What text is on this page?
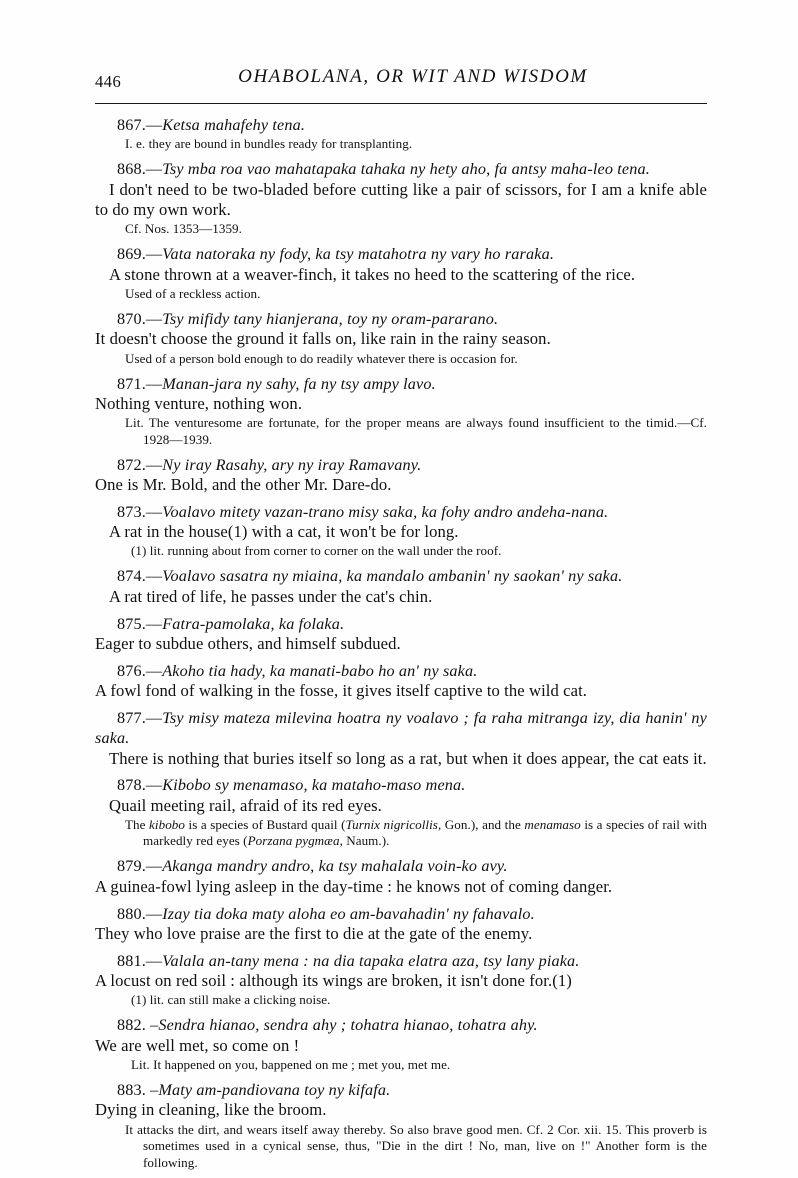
446	OHABOLANA, OR WIT AND WISDOM

867.—Ketsa mahafehy tena.

I. e. they are bound in bundles ready for transplanting.

868.—Tsy mba roa vao mahatapaka tahaka ny hety aho, fa antsy maha-leo tena.

I don't need to be two-bladed before cutting like a pair of scissors, for I am a knife able to do my own work.

Cf. Nos. 1353—1359.

869.—Vata natoraka ny fody, ka tsy matahotra ny vary ho raraka.

A stone thrown at a weaver-finch, it takes no heed to the scattering of the rice.

Used of a reckless action.

870.—Tsy mifidy tany hianjerana, toy ny oram-pararano.

It doesn't choose the ground it falls on, like rain in the rainy season.

Used of a person bold enough to do readily whatever there is occasion for.

871.—Manan-jara ny sahy, fa ny tsy ampy lavo.

Nothing venture, nothing won.

Lit. The venturesome are fortunate, for the proper means are always found insufficient to the timid.—Cf. 1928—1939.

872.—Ny iray Rasahy, ary ny iray Ramavany.

One is Mr. Bold, and the other Mr. Dare-do.

873.—Voalavo mitety vazan-trano misy saka, ka fohy andro andeha-nana.

A rat in the house(1) with a cat, it won't be for long.

(1) lit. running about from corner to corner on the wall under the roof.

874.—Voalavo sasatra ny miaina, ka mandalo ambanin' ny saokan' ny saka.

A rat tired of life, he passes under the cat's chin.

875.—Fatra-pamolaka, ka folaka.

Eager to subdue others, and himself subdued.

876.—Akoho tia hady, ka manati-babo ho an' ny saka.

A fowl fond of walking in the fosse, it gives itself captive to the wild cat.

877.—Tsy misy mateza milevina hoatra ny voalavo ; fa raha mitranga izy, dia hanin' ny saka.

There is nothing that buries itself so long as a rat, but when it does appear, the cat eats it.

878.—Kibobo sy menamaso, ka mataho-maso mena.

Quail meeting rail, afraid of its red eyes.

The kibobo is a species of Bustard quail (Turnix nigricollis, Gon.), and the menamaso is a species of rail with markedly red eyes (Porzana pygmæa, Naum.).

879.—Akanga mandry andro, ka tsy mahalala voin-ko avy.

A guinea-fowl lying asleep in the day-time : he knows not of coming danger.

880.—Izay tia doka maty aloha eo am-bavahadin' ny fahavalo.

They who love praise are the first to die at the gate of the enemy.

881.—Valala an-tany mena : na dia tapaka elatra aza, tsy lany piaka.

A locust on red soil : although its wings are broken, it isn't done for.(1)

(1) lit. can still make a clicking noise.

882. –Sendra hianao, sendra ahy ; tohatra hianao, tohatra ahy.

We are well met, so come on !

Lit. It happened on you, bappened on me ; met you, met me.

883. –Maty am-pandiovana toy ny kifafa.

Dying in cleaning, like the broom.

It attacks the dirt, and wears itself away thereby. So also brave good men. Cf. 2 Cor. xii. 15. This proverb is sometimes used in a cynical sense, thus, "Die in the dirt ! No, man, live on !" Another form is the following.
